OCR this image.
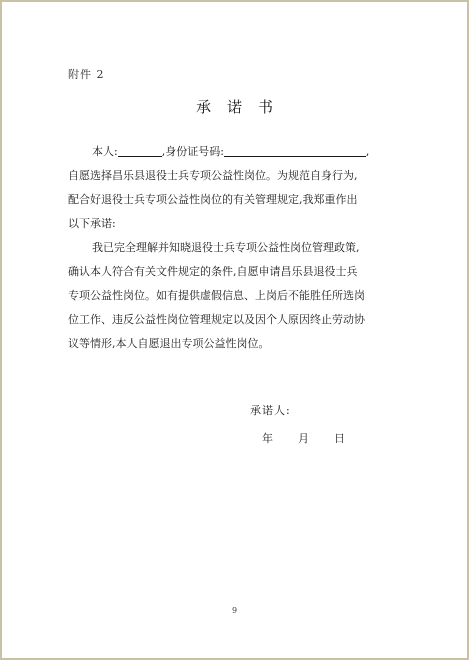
附件 2
承诺书
本人:	,身份证号码:	,
自愿选择昌乐县退役士兵专项公益性岗位。为规范自身行为,
配合好退役士兵专项公益性岗位的有关管理规定,我郑重作出
以下承诺:
我已完全理解并知晓退役士兵专项公益性岗位管理政策,
确认本人符合有关文件规定的条件,自愿申请昌乐县退役士兵
专项公益性岗位。如有提供虚假信息、上岗后不能胜任所选岗
位工作、违反公益性岗位管理规定以及因个人原因终止劳动协
议等情形,本人自愿退出专项公益性岗位。
承诺人:
年 月 日
9
